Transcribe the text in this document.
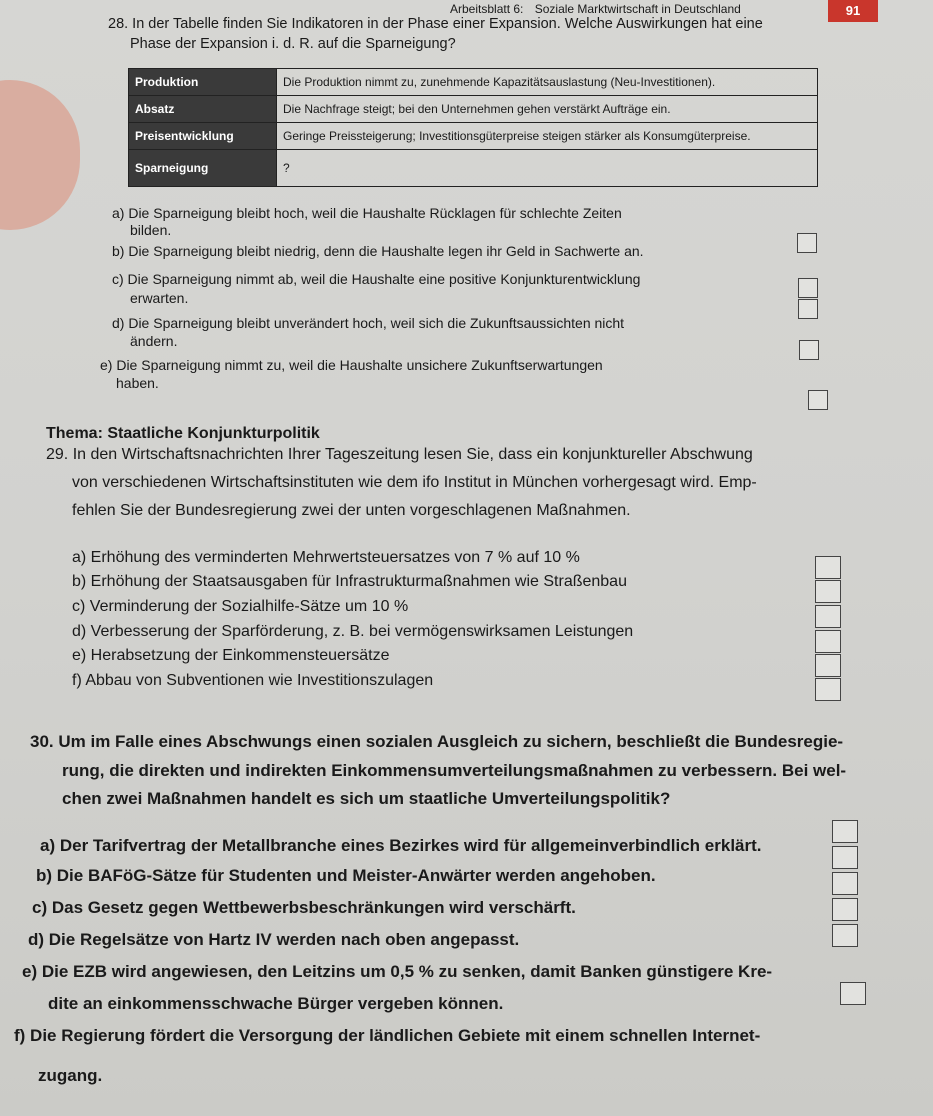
Arbeitsblatt 6: Soziale Marktwirtschaft in Deutschland	91
28. In der Tabelle finden Sie Indikatoren in der Phase einer Expansion. Welche Auswirkungen hat eine
Phase der Expansion i. d. R. auf die Sparneigung?
Produktion	Die Produktion nimmt zu, zunehmende Kapazitätsauslastung (Neu-Investitionen).
Absatz	Die Nachfrage steigt; bei den Unternehmen gehen verstärkt Aufträge ein.
Preisentwicklung	Geringe Preissteigerung; Investitionsgüterpreise steigen stärker als Konsumgüterpreise.
Sparneigung	?
a) Die Sparneigung bleibt hoch, weil die Haushalte Rücklagen für schlechte Zeiten
bilden.
b) Die Sparneigung bleibt niedrig, denn die Haushalte legen ihr Geld in Sachwerte an.
c) Die Sparneigung nimmt ab, weil die Haushalte eine positive Konjunkturentwicklung
erwarten.
d) Die Sparneigung bleibt unverändert hoch, weil sich die Zukunftsaussichten nicht
ändern.
e) Die Sparneigung nimmt zu, weil die Haushalte unsichere Zukunftserwartungen
haben.
Thema: Staatliche Konjunkturpolitik
29. In den Wirtschaftsnachrichten Ihrer Tageszeitung lesen Sie, dass ein konjunktureller Abschwung
von verschiedenen Wirtschaftsinstituten wie dem ifo Institut in München vorhergesagt wird. Emp-
fehlen Sie der Bundesregierung zwei der unten vorgeschlagenen Maßnahmen.
a) Erhöhung des verminderten Mehrwertsteuersatzes von 7 % auf 10 %
b) Erhöhung der Staatsausgaben für Infrastrukturmaßnahmen wie Straßenbau
c) Verminderung der Sozialhilfe-Sätze um 10 %
d) Verbesserung der Sparförderung, z. B. bei vermögenswirksamen Leistungen
e) Herabsetzung der Einkommensteuersätze
f) Abbau von Subventionen wie Investitionszulagen
30. Um im Falle eines Abschwungs einen sozialen Ausgleich zu sichern, beschließt die Bundesregie-
rung, die direkten und indirekten Einkommensumverteilungsmaßnahmen zu verbessern. Bei wel-
chen zwei Maßnahmen handelt es sich um staatliche Umverteilungspolitik?
a) Der Tarifvertrag der Metallbranche eines Bezirkes wird für allgemeinverbindlich erklärt.
b) Die BAFöG-Sätze für Studenten und Meister-Anwärter werden angehoben.
c) Das Gesetz gegen Wettbewerbsbeschränkungen wird verschärft.
d) Die Regelsätze von Hartz IV werden nach oben angepasst.
e) Die EZB wird angewiesen, den Leitzins um 0,5 % zu senken, damit Banken günstigere Kre-
dite an einkommensschwache Bürger vergeben können.
f) Die Regierung fördert die Versorgung der ländlichen Gebiete mit einem schnellen Internet-
zugang.
